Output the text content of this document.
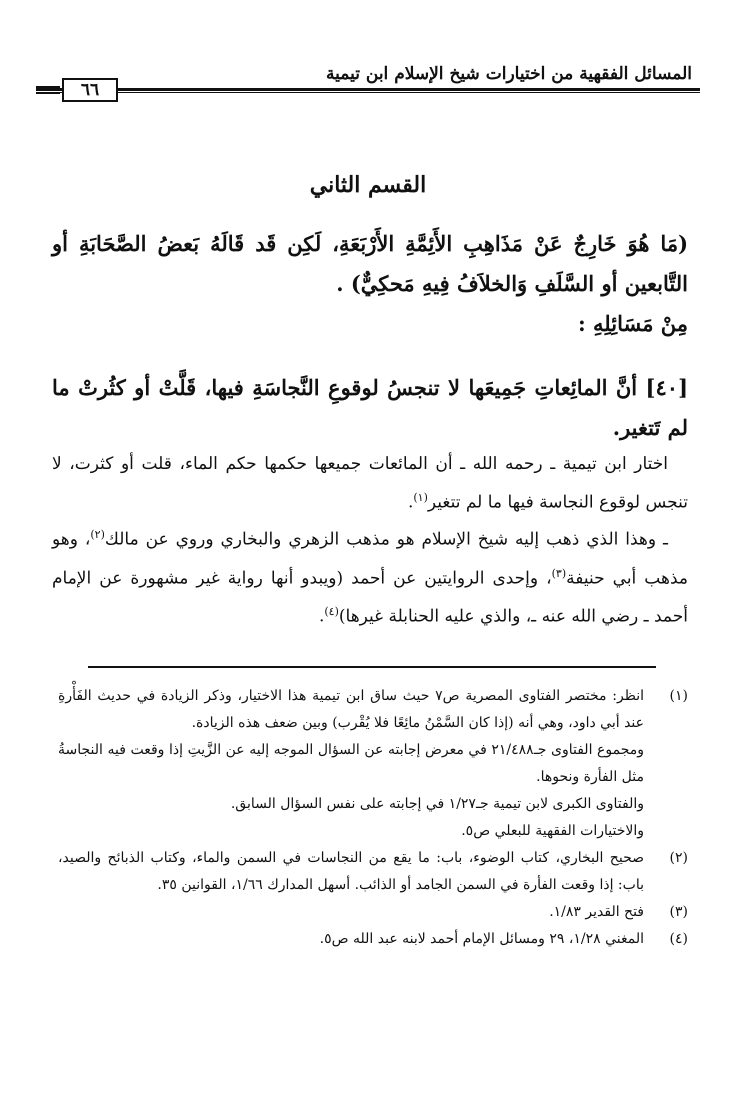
المسائل الفقهية من اختيارات شيخ الإسلام ابن تيمية
٦٦
القسم الثاني
(مَا هُوَ خَارِجٌ عَنْ مَذَاهِبِ الأَئِمَّةِ الأَرْبَعَةِ، لَكِن قَد قَالَهُ بَعضُ الصَّحَابَةِ أو التَّابعين أو السَّلَفِ وَالخلاَفُ فِيهِ مَحكِيٌّ) .
مِنْ مَسَائِلِهِ :
[٤٠] أنَّ المائِعاتِ جَمِيعَها لا تنجسُ لوقوعِ النَّجاسَةِ فيها، قَلَّتْ أو كثُرتْ ما لم تَتغير.
اختار ابن تيمية ـ رحمه الله ـ أن المائعات جميعها حكمها حكم الماء، قلت أو كثرت، لا تنجس لوقوع النجاسة فيها ما لم تتغير$^{(١)}$.
ـ وهذا الذي ذهب إليه شيخ الإسلام هو مذهب الزهري والبخاري وروي عن مالك$^{(٢)}$، وهو مذهب أبي حنيفة$^{(٣)}$، وإحدى الروايتين عن أحمد (ويبدو أنها رواية غير مشهورة عن الإمام أحمد ـ رضي الله عنه ـ، والذي عليه الحنابلة غيرها)$^{(٤)}$.
(١)
انظر: مختصر الفتاوى المصرية ص٧ حيث ساق ابن تيمية هذا الاختيار، وذكر الزيادة في حديث الفَأْرةِ عند أبي داود، وهي أنه (إذا كان السَّمْنُ مائِعًا فلا يُقْرب) وبين ضعف هذه الزيادة.
ومجموع الفتاوى جـ٢١/٤٨٨ في معرض إجابته عن السؤال الموجه إليه عن الزَّيتِ إذا وقعت فيه النجاسةُ مثل الفأرة ونحوها.
والفتاوى الكبرى لابن تيمية جـ١/٢٧ في إجابته على نفس السؤال السابق.
والاختيارات الفقهية للبعلي ص٥.
(٢)
صحيح البخاري، كتاب الوضوء، باب: ما يقع من النجاسات في السمن والماء، وكتاب الذبائح والصيد، باب: إذا وقعت الفأرة في السمن الجامد أو الذائب. أسهل المدارك ١/٦٦، القوانين ٣٥.
(٣)
فتح القدير ١/٨٣.
(٤)
المغني ١/٢٨، ٢٩ ومسائل الإمام أحمد لابنه عبد الله ص٥.
